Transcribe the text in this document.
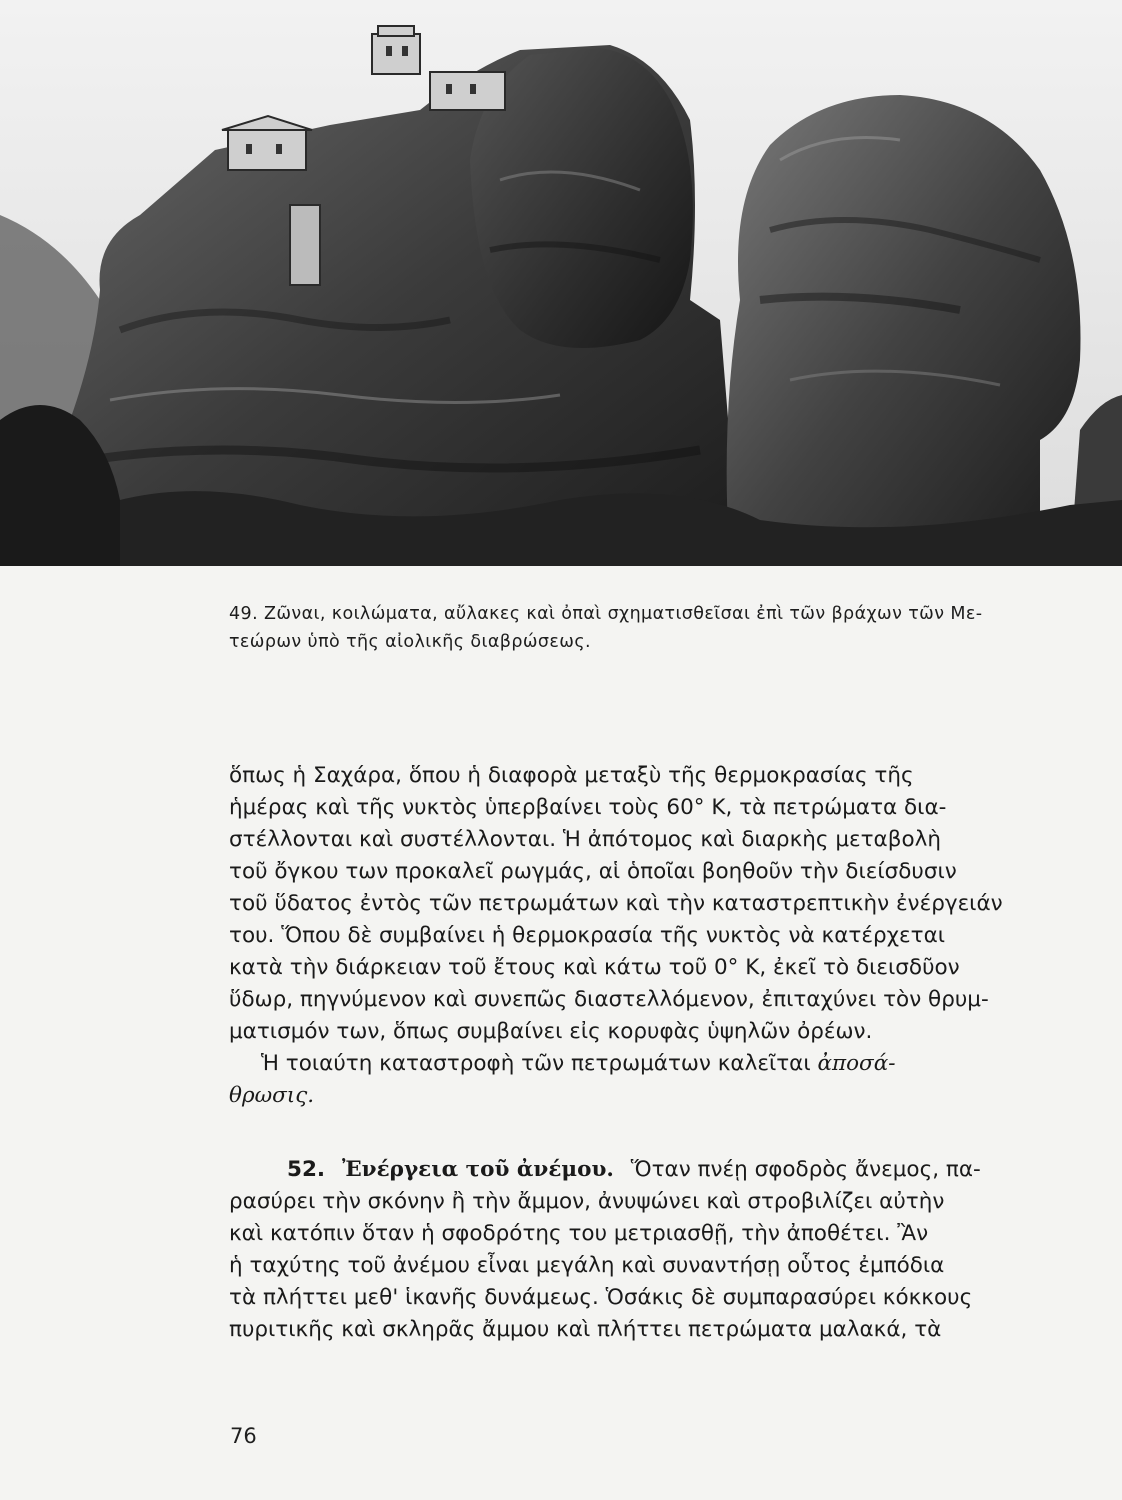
49. Ζῶναι, κοιλώματα, αὔλακες καὶ ὀπαὶ σχηματισθεῖσαι ἐπὶ τῶν βράχων τῶν Με-
τεώρων ὑπὸ τῆς αἰολικῆς διαβρώσεως.
ὅπως ἡ Σαχάρα, ὅπου ἡ διαφορὰ μεταξὺ τῆς θερμοκρασίας τῆς
ἡμέρας καὶ τῆς νυκτὸς ὑπερβαίνει τοὺς 60° Κ, τὰ πετρώματα δια-
στέλλονται καὶ συστέλλονται. Ἡ ἀπότομος καὶ διαρκὴς μεταβολὴ
τοῦ ὄγκου των προκαλεῖ ρωγμάς, αἱ ὁποῖαι βοηθοῦν τὴν διείσδυσιν
τοῦ ὕδατος ἐντὸς τῶν πετρωμάτων καὶ τὴν καταστρεπτικὴν ἐνέργειάν
του. Ὅπου δὲ συμβαίνει ἡ θερμοκρασία τῆς νυκτὸς νὰ κατέρχεται
κατὰ τὴν διάρκειαν τοῦ ἔτους καὶ κάτω τοῦ 0° Κ, ἐκεῖ τὸ διεισδῦον
ὕδωρ, πηγνύμενον καὶ συνεπῶς διαστελλόμενον, ἐπιταχύνει τὸν θρυμ-
ματισμόν των, ὅπως συμβαίνει εἰς κορυφὰς ὑψηλῶν ὀρέων.
Ἡ τοιαύτη καταστροφὴ τῶν πετρωμάτων καλεῖται ἀποσά-
θρωσις.
52. Ἐνέργεια τοῦ ἀνέμου. Ὅταν πνέῃ σφοδρὸς ἄνεμος, πα-
ρασύρει τὴν σκόνην ἢ τὴν ἄμμον, ἀνυψώνει καὶ στροβιλίζει αὐτὴν
καὶ κατόπιν ὅταν ἡ σφοδρότης του μετριασθῇ, τὴν ἀποθέτει. Ἂν
ἡ ταχύτης τοῦ ἀνέμου εἶναι μεγάλη καὶ συναντήσῃ οὗτος ἐμπόδια
τὰ πλήττει μεθ' ἱκανῆς δυνάμεως. Ὁσάκις δὲ συμπαρασύρει κόκκους
πυριτικῆς καὶ σκληρᾶς ἄμμου καὶ πλήττει πετρώματα μαλακά, τὰ
76
